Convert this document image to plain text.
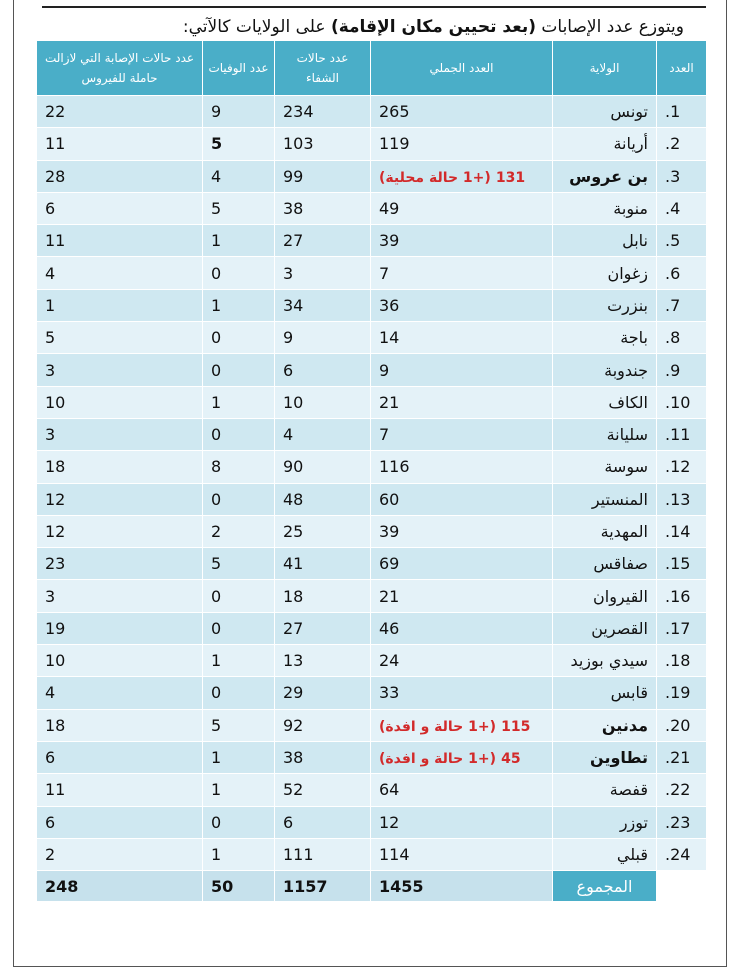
ويتوزع عدد الإصابات (بعد تحيين مكان الإقامة) على الولايات كالآتي:
العدد	الولاية	العدد الجملي	عدد حالات الشفاء	عدد الوفيات	عدد حالات الإصابة التي لازالت حاملة للفيروس
1.	تونس	265	234	9	22
2.	أريانة	119	103	5	11
3.	بن عروس	131 (+1 حالة محلية)	99	4	28
4.	منوبة	49	38	5	6
5.	نابل	39	27	1	11
6.	زغوان	7	3	0	4
7.	بنزرت	36	34	1	1
8.	باجة	14	9	0	5
9.	جندوبة	9	6	0	3
10.	الكاف	21	10	1	10
11.	سليانة	7	4	0	3
12.	سوسة	116	90	8	18
13.	المنستير	60	48	0	12
14.	المهدية	39	25	2	12
15.	صفاقس	69	41	5	23
16.	القيروان	21	18	0	3
17.	القصرين	46	27	0	19
18.	سيدي بوزيد	24	13	1	10
19.	قابس	33	29	0	4
20.	مدنين	115 (+1 حالة و افدة)	92	5	18
21.	تطاوين	45 (+1 حالة و افدة)	38	1	6
22.	قفصة	64	52	1	11
23.	توزر	12	6	0	6
24.	قبلي	114	111	1	2
	المجموع	1455	1157	50	248
